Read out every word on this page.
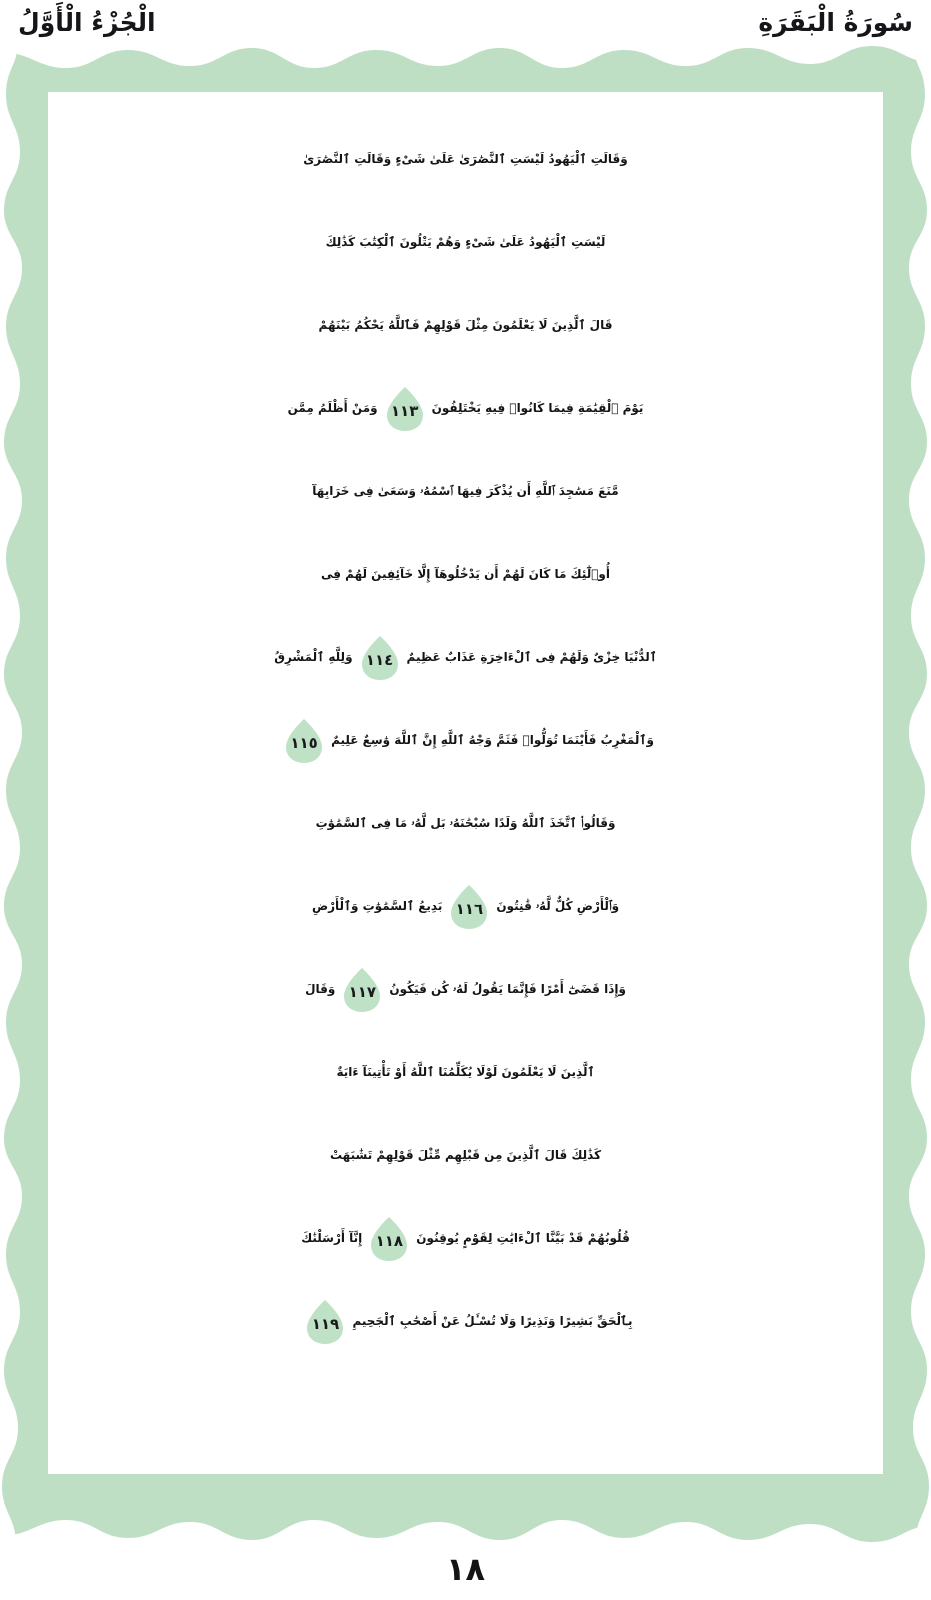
سُورَةُ الْبَقَرَةِ
الْجُزْءُ الْأَوَّلُ
وَقَالَتِ ٱلْيَهُودُ لَيْسَتِ ٱلنَّصَٰرَىٰ عَلَىٰ شَىْءٍ وَقَالَتِ ٱلنَّصَٰرَىٰ
لَيْسَتِ ٱلْيَهُودُ عَلَىٰ شَىْءٍ وَهُمْ يَتْلُونَ ٱلْكِتَٰبَ كَذَٰلِكَ
قَالَ ٱلَّذِينَ لَا يَعْلَمُونَ مِثْلَ قَوْلِهِمْ فَٱللَّهُ يَحْكُمُ بَيْنَهُمْ
يَوْمَ ٱلْقِيَٰمَةِ فِيمَا كَانُوا۟ فِيهِ يَخْتَلِفُونَ
١١٣
وَمَنْ أَظْلَمُ مِمَّن
مَّنَعَ مَسَٰجِدَ ٱللَّهِ أَن يُذْكَرَ فِيهَا ٱسْمُهُۥ وَسَعَىٰ فِى خَرَابِهَآ
أُو۟لَٰٓئِكَ مَا كَانَ لَهُمْ أَن يَدْخُلُوهَآ إِلَّا خَآئِفِينَ لَهُمْ فِى
ٱلدُّنْيَا خِزْىٌ وَلَهُمْ فِى ٱلْءَاخِرَةِ عَذَابٌ عَظِيمٌ
١١٤
وَلِلَّهِ ٱلْمَشْرِقُ
وَٱلْمَغْرِبُ فَأَيْنَمَا تُوَلُّوا۟ فَثَمَّ وَجْهُ ٱللَّهِ إِنَّ ٱللَّهَ وَٰسِعٌ عَلِيمٌ
١١٥
وَقَالُوا۟ ٱتَّخَذَ ٱللَّهُ وَلَدًا سُبْحَٰنَهُۥ بَل لَّهُۥ مَا فِى ٱلسَّمَٰوَٰتِ
وَٱلْأَرْضِ كُلٌّ لَّهُۥ قَٰنِتُونَ
١١٦
بَدِيعُ ٱلسَّمَٰوَٰتِ وَٱلْأَرْضِ
وَإِذَا قَضَىٰٓ أَمْرًا فَإِنَّمَا يَقُولُ لَهُۥ كُن فَيَكُونُ
١١٧
وَقَالَ
ٱلَّذِينَ لَا يَعْلَمُونَ لَوْلَا يُكَلِّمُنَا ٱللَّهُ أَوْ تَأْتِينَآ ءَايَةٌ
كَذَٰلِكَ قَالَ ٱلَّذِينَ مِن قَبْلِهِم مِّثْلَ قَوْلِهِمْ تَشَٰبَهَتْ
قُلُوبُهُمْ قَدْ بَيَّنَّا ٱلْءَايَٰتِ لِقَوْمٍ يُوقِنُونَ
١١٨
إِنَّآ أَرْسَلْنَٰكَ
بِٱلْحَقِّ بَشِيرًا وَنَذِيرًا وَلَا تُسْـَٔلُ عَنْ أَصْحَٰبِ ٱلْجَحِيمِ
١١٩
١٨
